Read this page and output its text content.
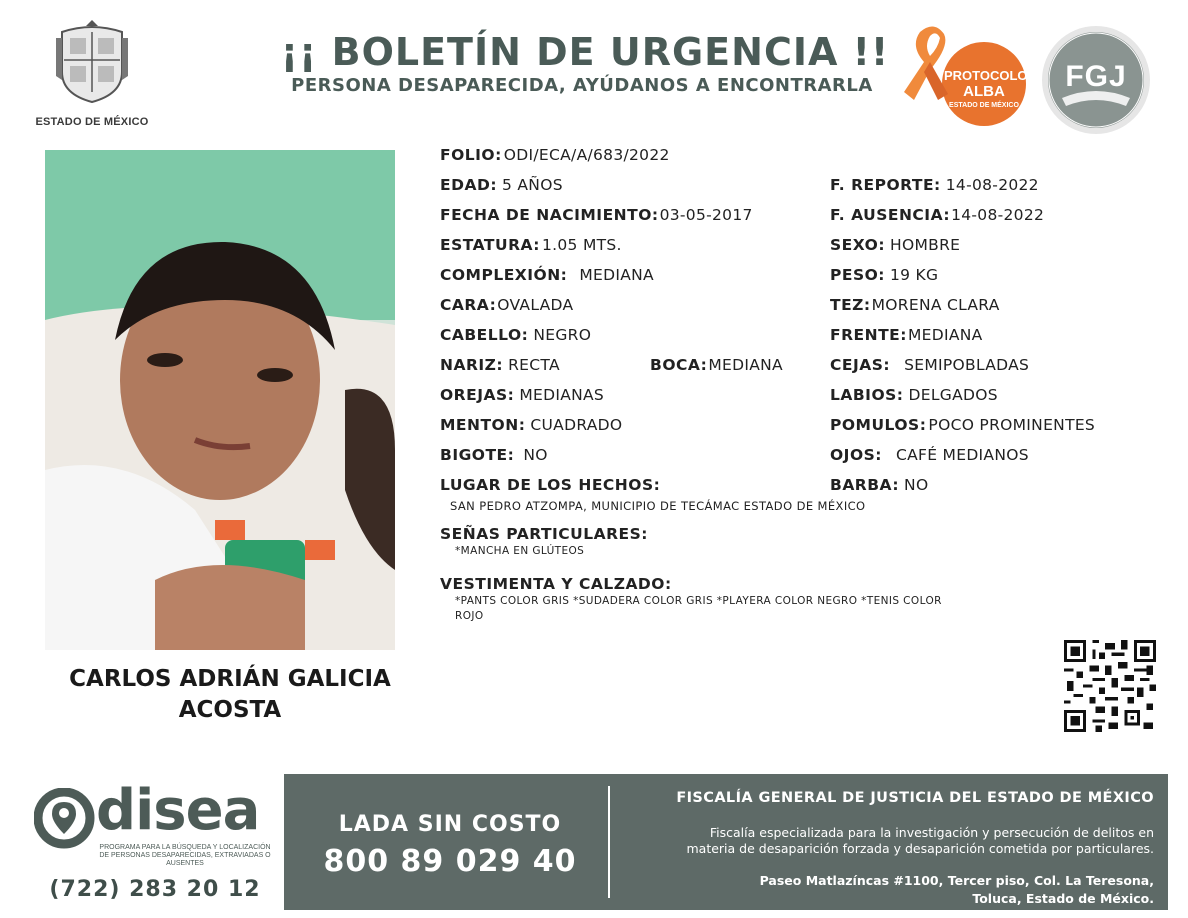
ESTADO DE MÉXICO
¡¡ BOLETÍN DE URGENCIA !!
PERSONA DESAPARECIDA, AYÚDANOS A ENCONTRARLA	PROTOCOLO
ALBA
ESTADO DE MÉXICO
FGJ
CARLOS ADRIÁN GALICIA
ACOSTA
FOLIO: ODI/ECA/A/683/2022
EDAD: 5 AÑOS
FECHA DE NACIMIENTO:03-05-2017
ESTATURA: 1.05 MTS.
COMPLEXIÓN: MEDIANA
CARA:OVALADA
CABELLO: NEGRO
NARIZ: RECTA	BOCA:MEDIANA
OREJAS: MEDIANAS
MENTON: CUADRADO
BIGOTE: NO
LUGAR DE LOS HECHOS:
SAN PEDRO ATZOMPA, MUNICIPIO DE TECÁMAC ESTADO DE MÉXICO
F. REPORTE: 14-08-2022
F. AUSENCIA:14-08-2022
SEXO: HOMBRE
PESO: 19 KG
TEZ:MORENA CLARA
FRENTE:MEDIANA
CEJAS: SEMIPOBLADAS
LABIOS: DELGADOS
POMULOS: POCO PROMINENTES
OJOS: CAFÉ MEDIANOS
BARBA: NO
SEÑAS PARTICULARES:
*MANCHA EN GLÚTEOS
VESTIMENTA Y CALZADO:
*PANTS COLOR GRIS *SUDADERA COLOR GRIS *PLAYERA COLOR NEGRO *TENIS COLOR
ROJO
disea
PROGRAMA PARA LA BÚSQUEDA Y LOCALIZACIÓN
DE PERSONAS DESAPARECIDAS, EXTRAVIADAS O
AUSENTES
(722) 283 20 12
LADA SIN COSTO
800 89 029 40
FISCALÍA GENERAL DE JUSTICIA DEL ESTADO DE MÉXICO
Fiscalía especializada para la investigación y persecución de delitos en
materia de desaparición forzada y desaparición cometida por particulares.
Paseo Matlazíncas #1100, Tercer piso, Col. La Teresona,
Toluca, Estado de México.
